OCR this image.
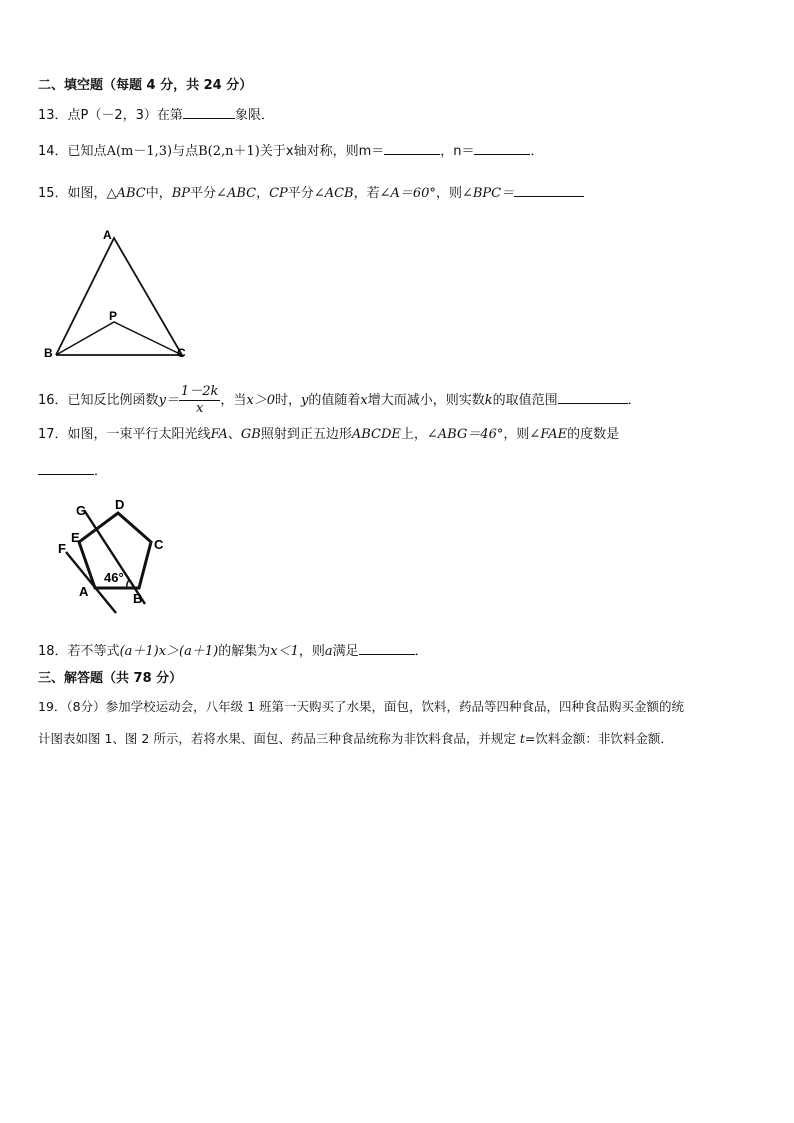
二、填空题（每题 4 分，共 24 分）
13．点P（－2，3）在第	象限．
14．已知点A(m－1,3)与点B(2,n＋1)关于x轴对称，则m＝	，n＝	．
15．如图，△ABC中，BP平分∠ABC，CP平分∠ACB，若∠A＝60°，则∠BPC＝
A
B	C
P
16．已知反比例函数$y= \frac{1-2k}{x}$ ，当x＞0时，y的值随着x增大而减小，则实数k的取值范围	．
17．如图，一束平行太阳光线FA、GB照射到正五边形ABCDE上，∠ABG＝46°，则∠FAE的度数是
．
G D
C
E
F
A	B
46°
18．若不等式(a＋1)x＞(a＋1)的解集为x＜1，则a满足	．
三、解答题（共 78 分）
19．（8分）参加学校运动会，八年级 1 班第一天购买了水果，面包，饮料，药品等四种食品，四种食品购买金额的统
计图表如图 1、图 2 所示，若将水果、面包、药品三种食品统称为非饮料食品，并规定 t=饮料金额：非饮料金额．
